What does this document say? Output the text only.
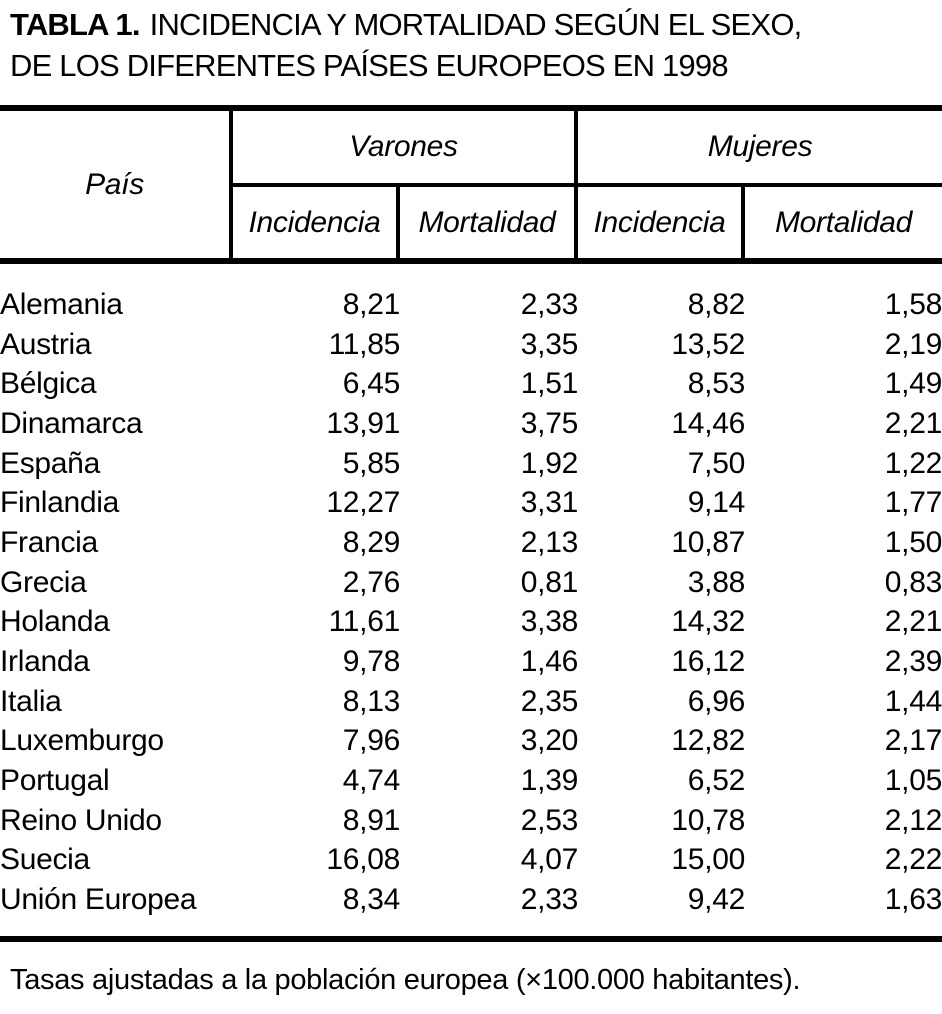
TABLA 1. INCIDENCIA Y MORTALIDAD SEGÚN EL SEXO,
DE LOS DIFERENTES PAÍSES EUROPEOS EN 1998
País
Varones	Mujeres
Incidencia	Mortalidad	Incidencia	Mortalidad
Alemania	8,21	2,33	8,82	1,58
Austria	11,85	3,35	13,52	2,19
Bélgica	6,45	1,51	8,53	1,49
Dinamarca	13,91	3,75	14,46	2,21
España	5,85	1,92	7,50	1,22
Finlandia	12,27	3,31	9,14	1,77
Francia	8,29	2,13	10,87	1,50
Grecia	2,76	0,81	3,88	0,83
Holanda	11,61	3,38	14,32	2,21
Irlanda	9,78	1,46	16,12	2,39
Italia	8,13	2,35	6,96	1,44
Luxemburgo	7,96	3,20	12,82	2,17
Portugal	4,74	1,39	6,52	1,05
Reino Unido	8,91	2,53	10,78	2,12
Suecia	16,08	4,07	15,00	2,22
Unión Europea	8,34	2,33	9,42	1,63
Tasas ajustadas a la población europea (×100.000 habitantes).
